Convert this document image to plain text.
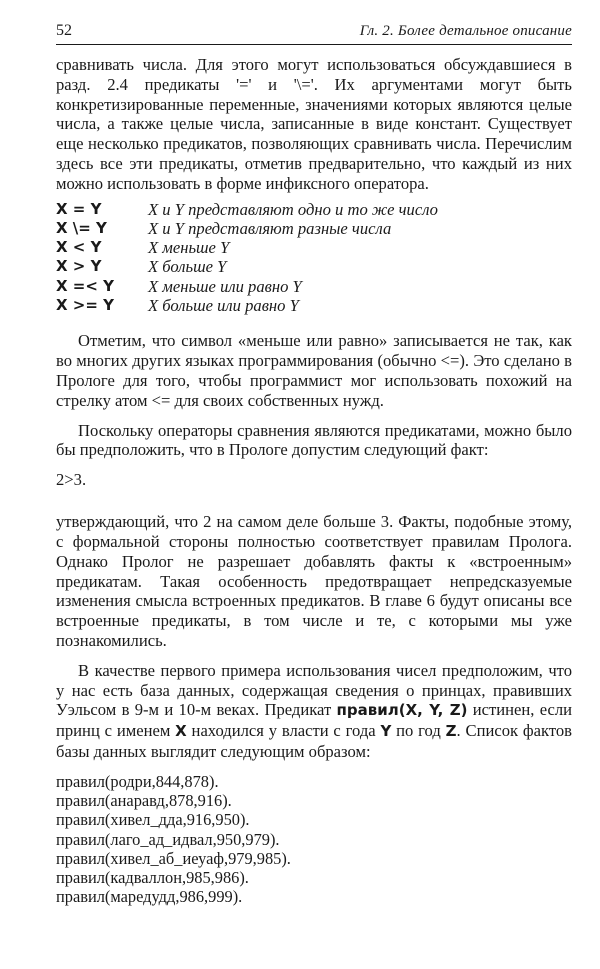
52	Гл. 2. Более детальное описание

сравнивать числа. Для этого могут использоваться обсуждавшиеся в разд. 2.4 предикаты '=' и '\='. Их аргументами могут быть конкретизированные переменные, значениями которых являются целые числа, а также целые числа, записанные в виде констант. Существует еще несколько предикатов, позволяющих сравнивать числа. Перечислим здесь все эти предикаты, отметив предварительно, что каждый из них можно использовать в форме инфиксного оператора.

X = Y	X и Y представляют одно и то же число
X \= Y	X и Y представляют разные числа
X < Y	X меньше Y
X > Y	X больше Y
X =< Y	X меньше или равно Y
X >= Y	X больше или равно Y

Отметим, что символ «меньше или равно» записывается не так, как во многих других языках программирования (обычно <=). Это сделано в Прологе для того, чтобы программист мог использовать похожий на стрелку атом <= для своих собственных нужд.

Поскольку операторы сравнения являются предикатами, можно было бы предположить, что в Прологе допустим следующий факт:

2>3.

утверждающий, что 2 на самом деле больше 3. Факты, подобные этому, с формальной стороны полностью соответствует правилам Пролога. Однако Пролог не разрешает добавлять факты к «встроенным» предикатам. Такая особенность предотвращает непредсказуемые изменения смысла встроенных предикатов. В главе 6 будут описаны все встроенные предикаты, в том числе и те, с которыми мы уже познакомились.

В качестве первого примера использования чисел предположим, что у нас есть база данных, содержащая сведения о принцах, правивших Уэльсом в 9-м и 10-м веках. Предикат правил(X, Y, Z) истинен, если принц с именем X находился у власти с года Y по год Z. Список фактов базы данных выглядит следующим образом:

правил(родри,844,878).
правил(анаравд,878,916).
правил(хивел_дда,916,950).
правил(лаго_ад_идвал,950,979).
правил(хивел_аб_иеуаф,979,985).
правил(кадваллон,985,986).
правил(маредудд,986,999).
